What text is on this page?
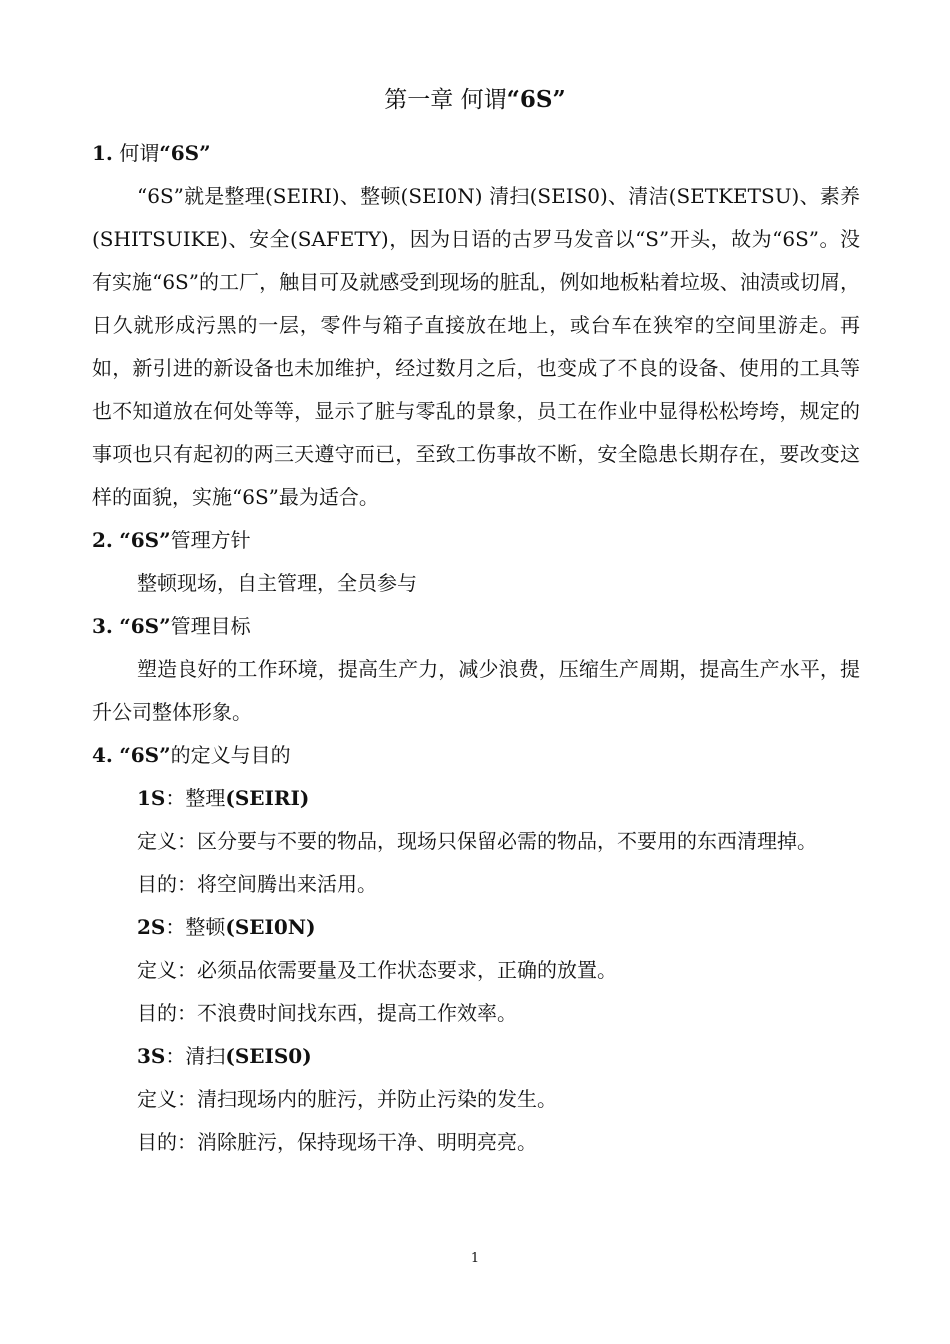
第一章 何谓“6S”

1. 何谓“6S”

“6S”就是整理(SEIRI)、整顿(SEI0N) 清扫(SEIS0)、清洁(SETKETSU)、素养(SHITSUIKE)、安全(SAFETY)，因为日语的古罗马发音以“S”开头，故为“6S”。没有实施“6S”的工厂，触目可及就感受到现场的脏乱，例如地板粘着垃圾、油渍或切屑，日久就形成污黑的一层，零件与箱子直接放在地上，或台车在狭窄的空间里游走。再如，新引进的新设备也未加维护，经过数月之后，也变成了不良的设备、使用的工具等也不知道放在何处等等，显示了脏与零乱的景象，员工在作业中显得松松垮垮，规定的事项也只有起初的两三天遵守而已，至致工伤事故不断，安全隐患长期存在，要改变这样的面貌，实施“6S”最为适合。

2. “6S”管理方针

整顿现场，自主管理，全员参与

3. “6S”管理目标

塑造良好的工作环境，提高生产力，减少浪费，压缩生产周期，提高生产水平，提升公司整体形象。

4. “6S”的定义与目的

1S：整理(SEIRI)

定义：区分要与不要的物品，现场只保留必需的物品，不要用的东西清理掉。

目的：将空间腾出来活用。

2S：整顿(SEI0N)

定义：必须品依需要量及工作状态要求，正确的放置。

目的：不浪费时间找东西，提高工作效率。

3S：清扫(SEIS0)

定义：清扫现场内的脏污，并防止污染的发生。

目的：消除脏污，保持现场干净、明明亮亮。

1
